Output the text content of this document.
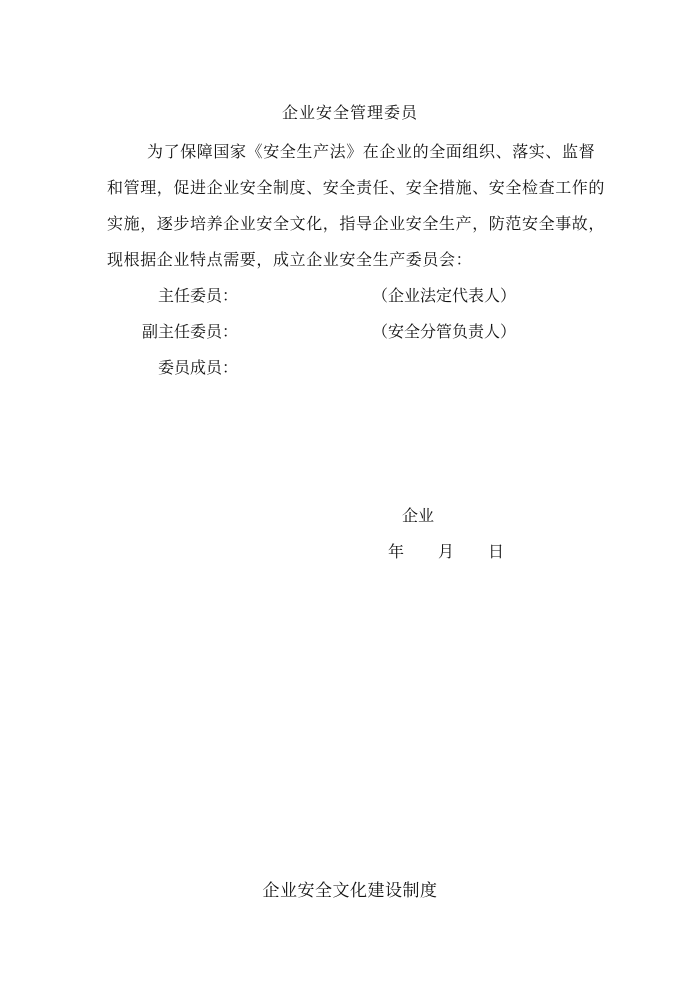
企业安全管理委员
为了保障国家《安全生产法》在企业的全面组织、落实、监督
和管理，促进企业安全制度、安全责任、安全措施、安全检查工作的
实施，逐步培养企业安全文化，指导企业安全生产，防范安全事故，
现根据企业特点需要，成立企业安全生产委员会：
主任委员：	（企业法定代表人）
副主任委员：	（安全分管负责人）
委员成员：
企业
年 月 日
企业安全文化建设制度
